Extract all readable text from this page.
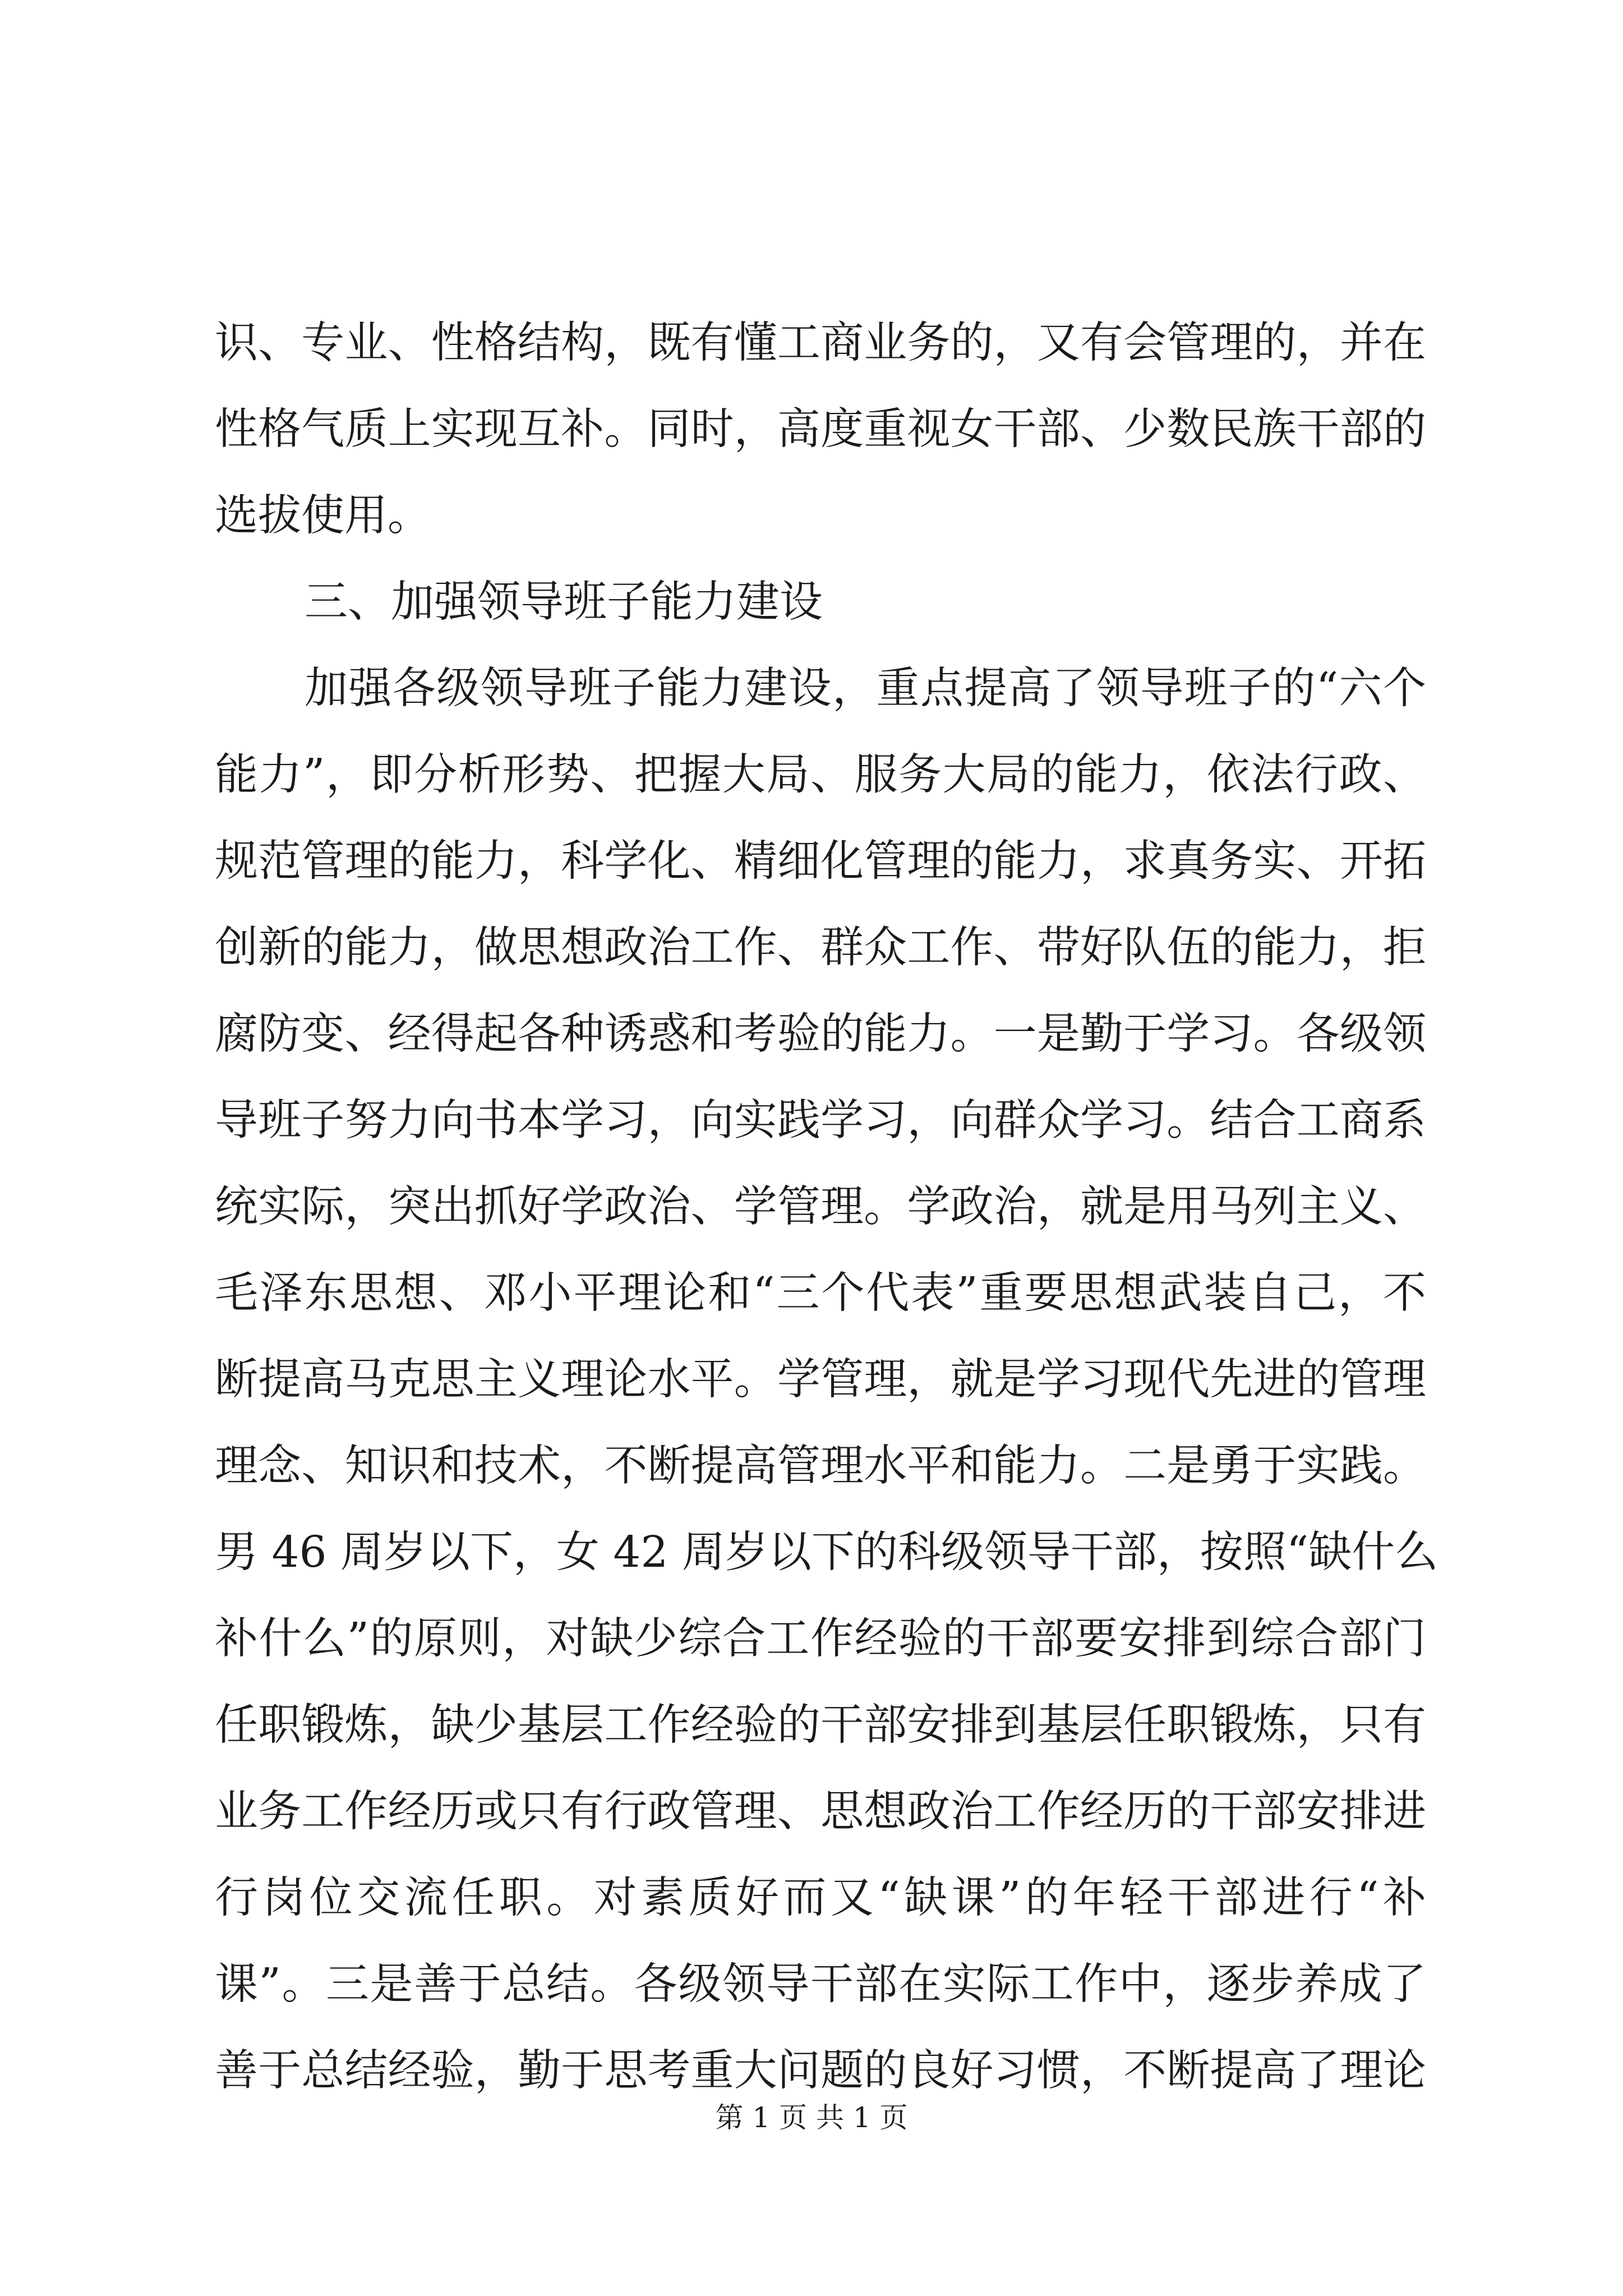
识、专业、性格结构，既有懂工商业务的，又有会管理的，并在
性格气质上实现互补。同时，高度重视女干部、少数民族干部的
选拔使用。
三、加强领导班子能力建设
加强各级领导班子能力建设，重点提高了领导班子的“六个
能力”，即分析形势、把握大局、服务大局的能力，依法行政、
规范管理的能力，科学化、精细化管理的能力，求真务实、开拓
创新的能力，做思想政治工作、群众工作、带好队伍的能力，拒
腐防变、经得起各种诱惑和考验的能力。一是勤于学习。各级领
导班子努力向书本学习，向实践学习，向群众学习。结合工商系
统实际，突出抓好学政治、学管理。学政治，就是用马列主义、
毛泽东思想、邓小平理论和“三个代表”重要思想武装自己，不
断提高马克思主义理论水平。学管理，就是学习现代先进的管理
理念、知识和技术，不断提高管理水平和能力。二是勇于实践。
男 46 周岁以下，女 42 周岁以下的科级领导干部，按照“缺什么
补什么”的原则，对缺少综合工作经验的干部要安排到综合部门
任职锻炼，缺少基层工作经验的干部安排到基层任职锻炼，只有
业务工作经历或只有行政管理、思想政治工作经历的干部安排进
行岗位交流任职。对素质好而又“缺课”的年轻干部进行“补
课”。三是善于总结。各级领导干部在实际工作中，逐步养成了
善于总结经验，勤于思考重大问题的良好习惯，不断提高了理论
第 1 页 共 1 页
